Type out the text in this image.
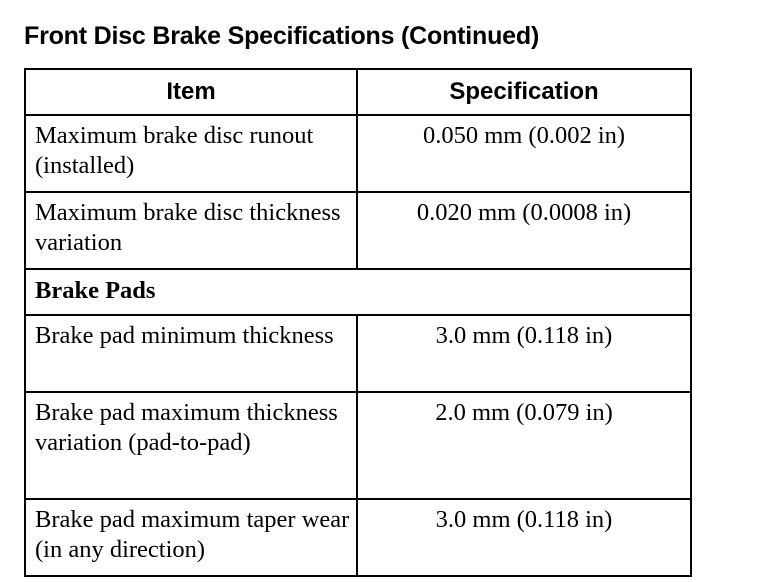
Front Disc Brake Specifications (Continued)
Item	Specification
Maximum brake disc runout (installed)	0.050 mm (0.002 in)
Maximum brake disc thickness variation	0.020 mm (0.0008 in)
Brake Pads	
Brake pad minimum thickness	3.0 mm (0.118 in)
Brake pad maximum thickness variation (pad-to-pad)	2.0 mm (0.079 in)
Brake pad maximum taper wear (in any direction)	3.0 mm (0.118 in)
